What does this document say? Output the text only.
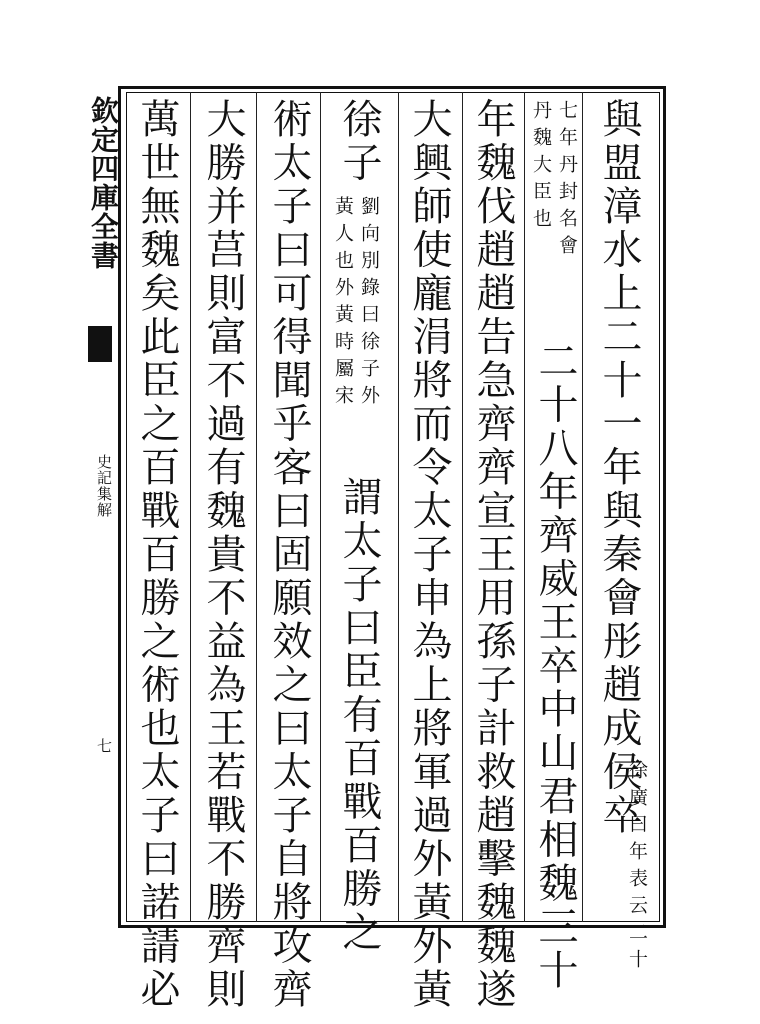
欽定四庫全書
史記集解
七	與盟漳水上二十一年與秦會彤趙成侯卒
徐廣曰年表云二十
七年丹封名會
丹魏大臣也
二十八年齊威王卒中山君相魏三十
年魏伐趙趙告急齊齊宣王用孫子計救趙擊魏魏遂
大興師使龐涓將而令太子申為上將軍過外黃外黃
徐子
劉向別錄曰徐子外
黃人也外黃時屬宋
謂太子曰臣有百戰百勝之
術太子曰可得聞乎客曰固願效之曰太子自將攻齊
大勝并莒則富不過有魏貴不益為王若戰不勝齊則
萬世無魏矣此臣之百戰百勝之術也太子曰諾請必
